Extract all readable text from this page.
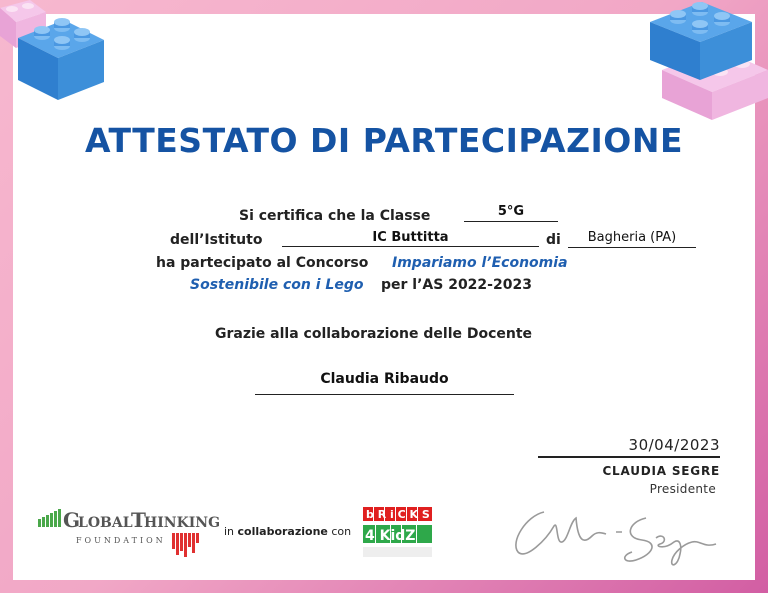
ATTESTATO DI PARTECIPAZIONE
Si certifica che la Classe	5°G
dell’Istituto	IC Buttitta	di	Bagheria (PA)
ha partecipato al Concorso Impariamo l’Economia
Sostenibile con i Lego per l’AS 2022-2023
Grazie alla collaborazione delle Docente
Claudia Ribaudo
30/04/2023
CLAUDIA SEGRE
Presidente
G
LOBAL
T
HINKING
FOUNDATION
in collaborazione con
b R i C K S
4 KidZ
